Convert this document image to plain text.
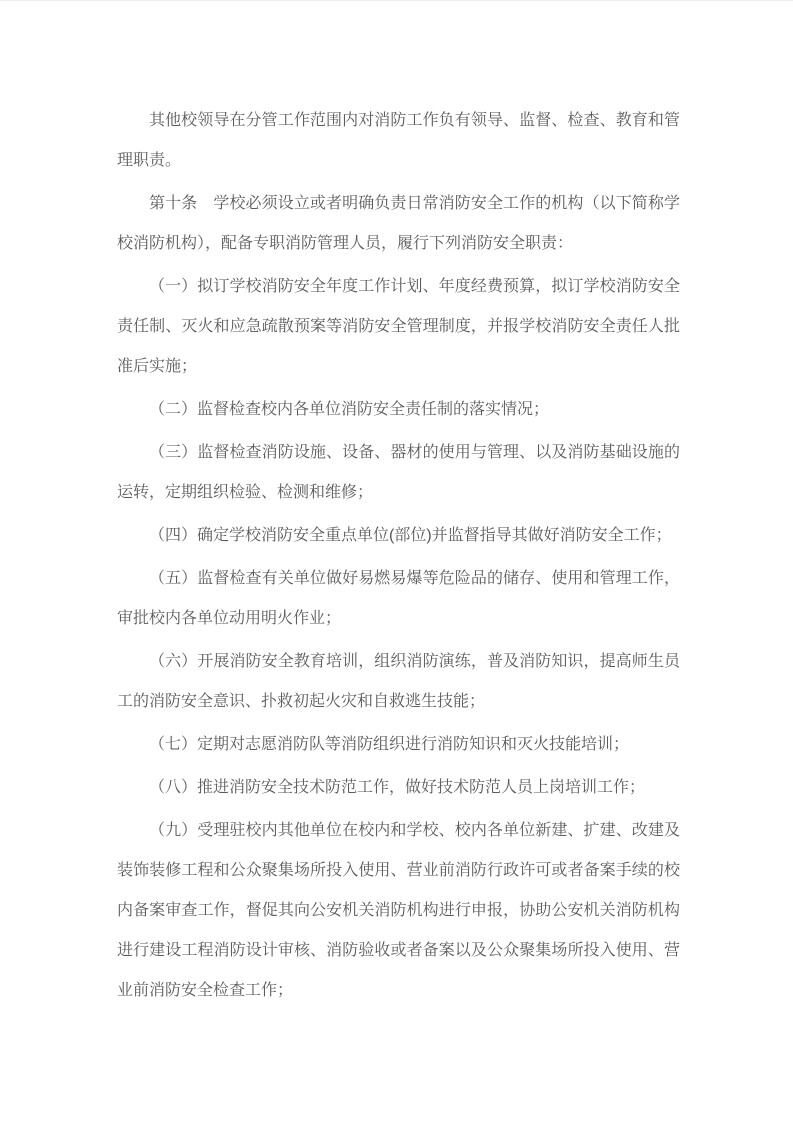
其他校领导在分管工作范围内对消防工作负有领导、监督、检查、教育和管理职责。

第十条　学校必须设立或者明确负责日常消防安全工作的机构（以下简称学校消防机构），配备专职消防管理人员，履行下列消防安全职责：

（一）拟订学校消防安全年度工作计划、年度经费预算，拟订学校消防安全责任制、灭火和应急疏散预案等消防安全管理制度，并报学校消防安全责任人批准后实施；

（二）监督检查校内各单位消防安全责任制的落实情况；

（三）监督检查消防设施、设备、器材的使用与管理、以及消防基础设施的运转，定期组织检验、检测和维修；

（四）确定学校消防安全重点单位(部位)并监督指导其做好消防安全工作；

（五）监督检查有关单位做好易燃易爆等危险品的储存、使用和管理工作，审批校内各单位动用明火作业；

（六）开展消防安全教育培训，组织消防演练，普及消防知识，提高师生员工的消防安全意识、扑救初起火灾和自救逃生技能；

（七）定期对志愿消防队等消防组织进行消防知识和灭火技能培训；

（八）推进消防安全技术防范工作，做好技术防范人员上岗培训工作；

（九）受理驻校内其他单位在校内和学校、校内各单位新建、扩建、改建及装饰装修工程和公众聚集场所投入使用、营业前消防行政许可或者备案手续的校内备案审查工作，督促其向公安机关消防机构进行申报，协助公安机关消防机构进行建设工程消防设计审核、消防验收或者备案以及公众聚集场所投入使用、营业前消防安全检查工作；
